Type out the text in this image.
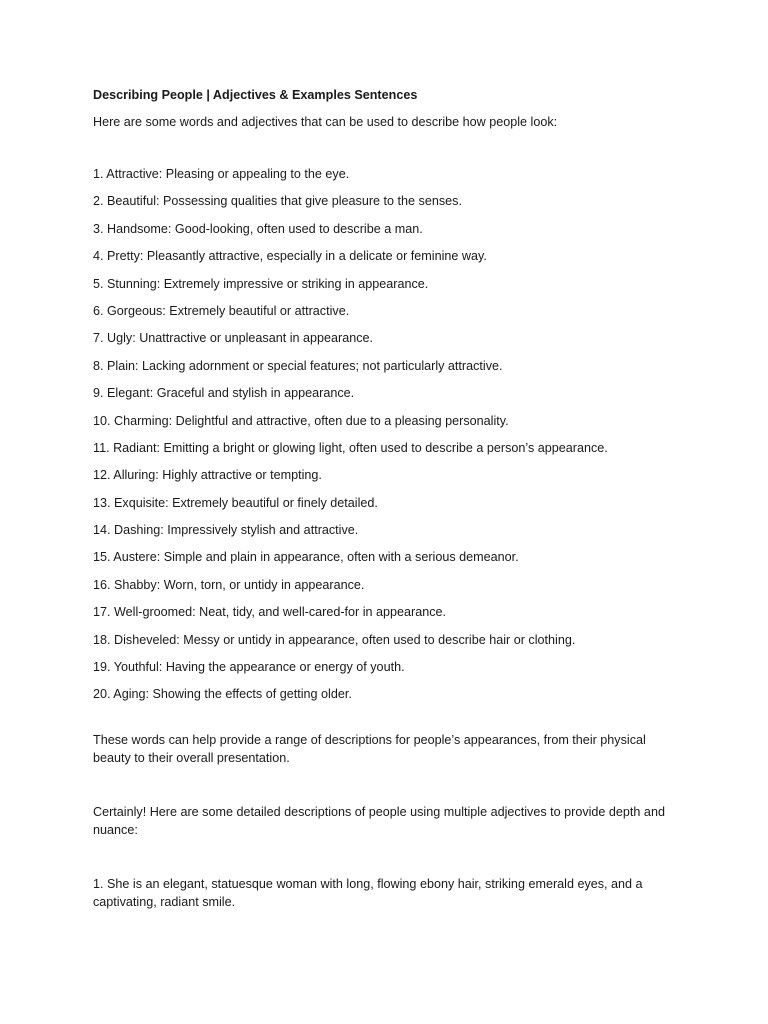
Describing People | Adjectives & Examples Sentences

Here are some words and adjectives that can be used to describe how people look:

1. Attractive: Pleasing or appealing to the eye.
2. Beautiful: Possessing qualities that give pleasure to the senses.
3. Handsome: Good-looking, often used to describe a man.
4. Pretty: Pleasantly attractive, especially in a delicate or feminine way.
5. Stunning: Extremely impressive or striking in appearance.
6. Gorgeous: Extremely beautiful or attractive.
7. Ugly: Unattractive or unpleasant in appearance.
8. Plain: Lacking adornment or special features; not particularly attractive.
9. Elegant: Graceful and stylish in appearance.
10. Charming: Delightful and attractive, often due to a pleasing personality.
11. Radiant: Emitting a bright or glowing light, often used to describe a person’s appearance.
12. Alluring: Highly attractive or tempting.
13. Exquisite: Extremely beautiful or finely detailed.
14. Dashing: Impressively stylish and attractive.
15. Austere: Simple and plain in appearance, often with a serious demeanor.
16. Shabby: Worn, torn, or untidy in appearance.
17. Well-groomed: Neat, tidy, and well-cared-for in appearance.
18. Disheveled: Messy or untidy in appearance, often used to describe hair or clothing.
19. Youthful: Having the appearance or energy of youth.
20. Aging: Showing the effects of getting older.

These words can help provide a range of descriptions for people’s appearances, from their physical beauty to their overall presentation.

Certainly! Here are some detailed descriptions of people using multiple adjectives to provide depth and nuance:

1. She is an elegant, statuesque woman with long, flowing ebony hair, striking emerald eyes, and a captivating, radiant smile.
